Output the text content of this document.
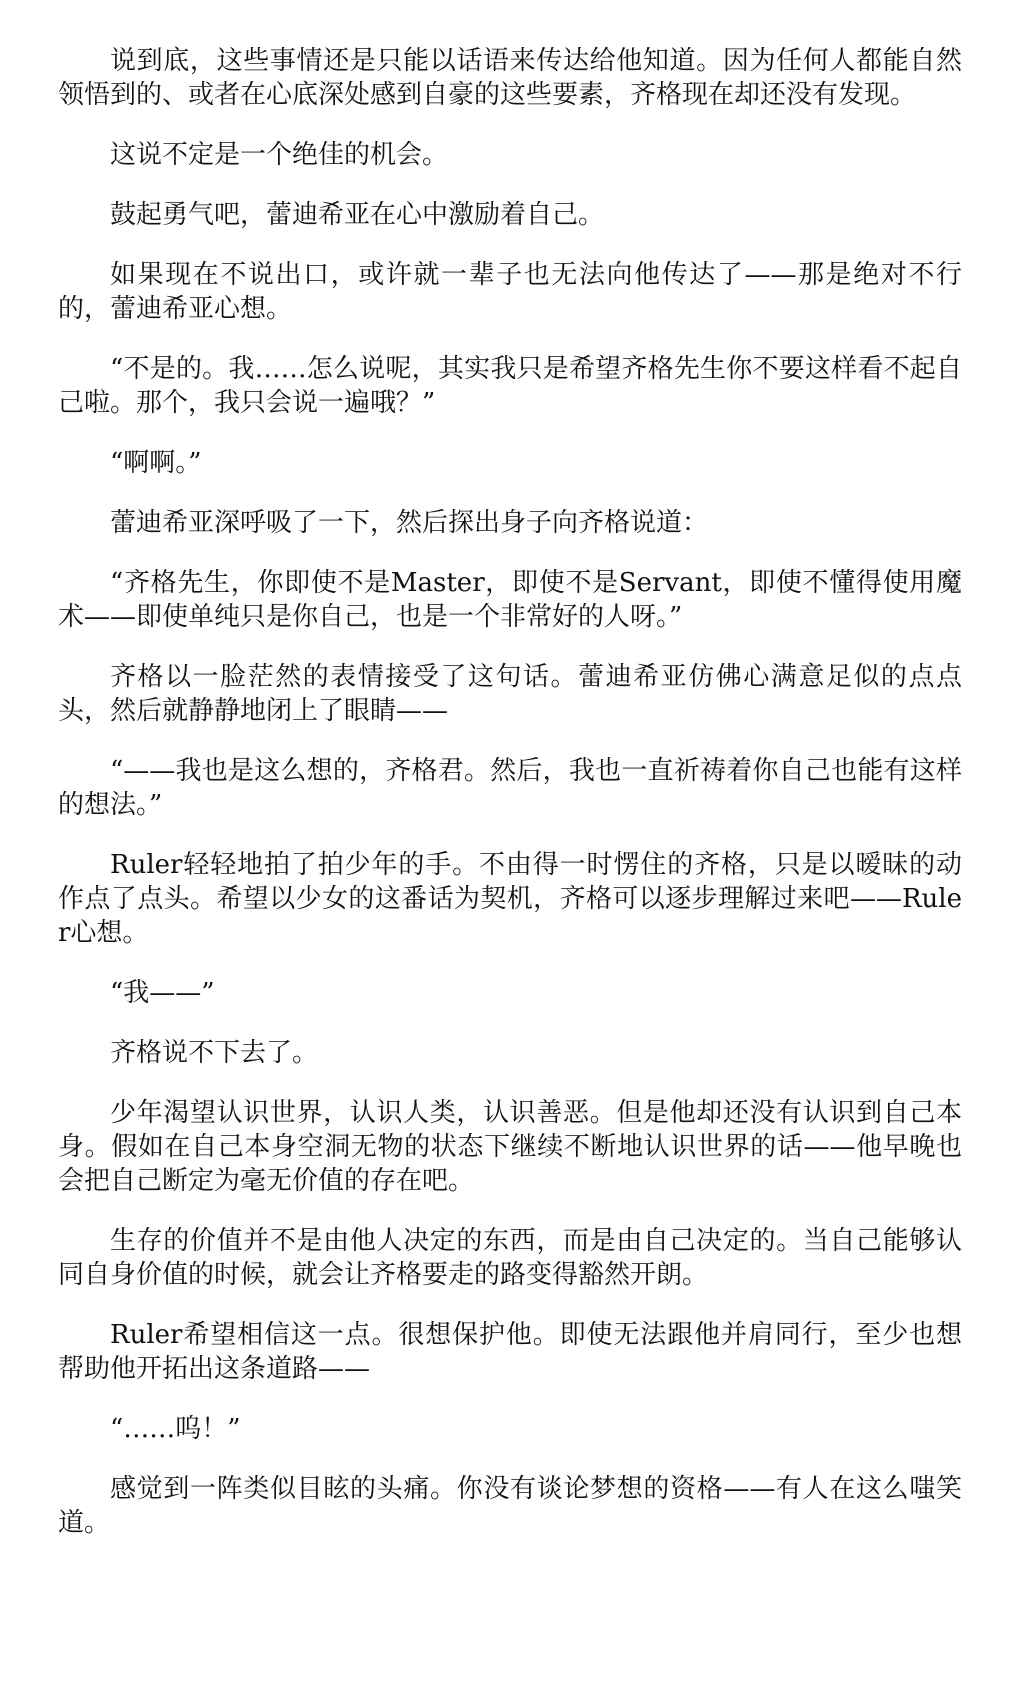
说到底，这些事情还是只能以话语来传达给他知道。因为任何人都能自然领悟到的、或者在心底深处感到自豪的这些要素，齐格现在却还没有发现。

这说不定是一个绝佳的机会。

鼓起勇气吧，蕾迪希亚在心中激励着自己。

如果现在不说出口，或许就一辈子也无法向他传达了——那是绝对不行的，蕾迪希亚心想。

“不是的。我……怎么说呢，其实我只是希望齐格先生你不要这样看不起自己啦。那个，我只会说一遍哦？”

“啊啊。”

蕾迪希亚深呼吸了一下，然后探出身子向齐格说道：

“齐格先生，你即使不是Master，即使不是Servant，即使不懂得使用魔术——即使单纯只是你自己，也是一个非常好的人呀。”

齐格以一脸茫然的表情接受了这句话。蕾迪希亚仿佛心满意足似的点点头，然后就静静地闭上了眼睛——

“——我也是这么想的，齐格君。然后，我也一直祈祷着你自己也能有这样的想法。”

Ruler轻轻地拍了拍少年的手。不由得一时愣住的齐格，只是以暧昧的动作点了点头。希望以少女的这番话为契机，齐格可以逐步理解过来吧——Ruler心想。

“我——”

齐格说不下去了。

少年渴望认识世界，认识人类，认识善恶。但是他却还没有认识到自己本身。假如在自己本身空洞无物的状态下继续不断地认识世界的话——他早晚也会把自己断定为毫无价值的存在吧。

生存的价值并不是由他人决定的东西，而是由自己决定的。当自己能够认同自身价值的时候，就会让齐格要走的路变得豁然开朗。

Ruler希望相信这一点。很想保护他。即使无法跟他并肩同行，至少也想帮助他开拓出这条道路——

“……呜！”

感觉到一阵类似目眩的头痛。你没有谈论梦想的资格——有人在这么嗤笑道。
